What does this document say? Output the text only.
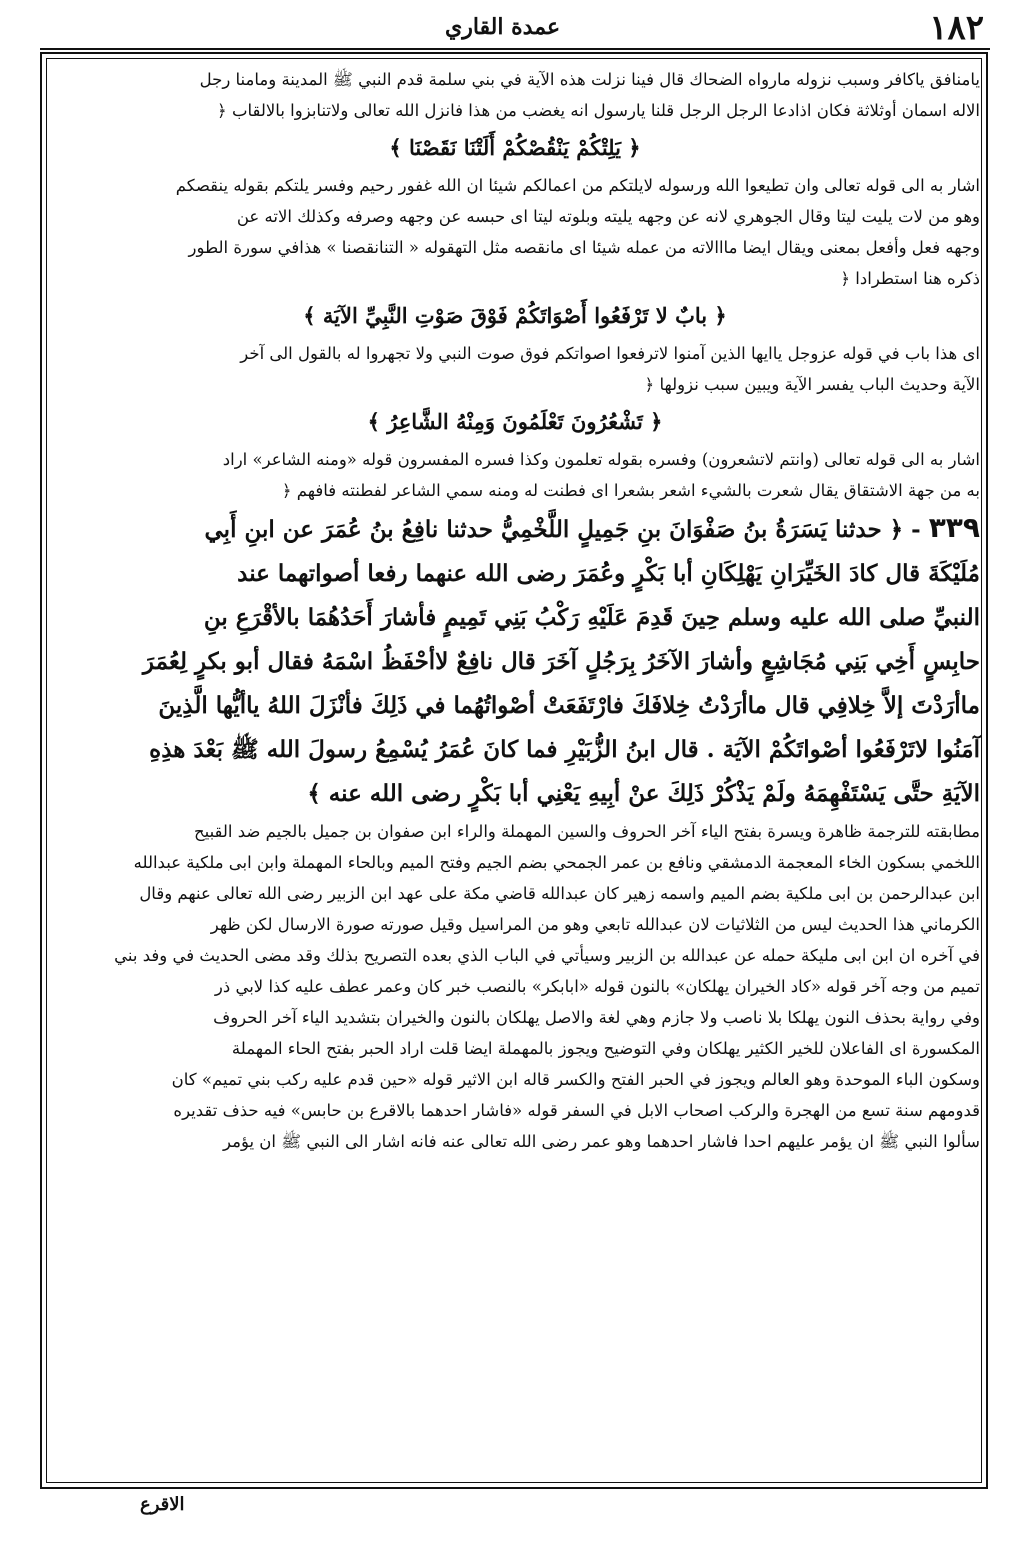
عمدة القاري	١٨٢

يامنافق ياكافر وسبب نزوله مارواه الضحاك قال فينا نزلت هذه الآية في بني سلمة قدم النبي ﷺ المدينة ومامنا رجل

الاله اسمان أوثلاثة فكان اذادعا الرجل الرجل قلنا يارسول انه يغضب من هذا فانزل الله تعالى ولاتنابزوا بالالقاب ﴿

﴿ يَلِتْكُمْ يَنْقُصْكُمْ أَلَتْنَا نَقَصْنَا ﴾

اشار به الى قوله تعالى وان تطيعوا الله ورسوله لايلتكم من اعمالكم شيئا ان الله غفور رحيم وفسر يلتكم بقوله ينقصكم

وهو من لات يليت ليتا وقال الجوهري لانه عن وجهه يليته وبلوته ليتا اى حبسه عن وجهه وصرفه وكذلك الاته عن

وجهه فعل وأفعل بمعنى ويقال ايضا مااالاته من عمله شيئا اى مانقصه مثل التهقوله « التنانقصنا » هذافي سورة الطور

ذكره هنا استطرادا ﴿

﴿ بابٌ لا تَرْفَعُوا أَصْوَاتَكُمْ فَوْقَ صَوْتِ النَّبِيِّ الآيَة ﴾

اى هذا باب في قوله عزوجل ياايها الذين آمنوا لاترفعوا اصواتكم فوق صوت النبي ولا تجهروا له بالقول الى آخر

الآية وحديث الباب يفسر الآية ويبين سبب نزولها ﴿

﴿ تَشْعُرُونَ تَعْلَمُونَ وَمِنْهُ الشَّاعِرُ ﴾

اشار به الى قوله تعالى (وانتم لاتشعرون) وفسره بقوله تعلمون وكذا فسره المفسرون قوله «ومنه الشاعر» اراد

به من جهة الاشتقاق يقال شعرت بالشيء اشعر بشعرا اى فطنت له ومنه سمي الشاعر لفطنته فافهم ﴿

٣٣٩ - ﴿ حدثنا يَسَرَةُ بنُ صَفْوَانَ بنِ جَمِيلٍ اللَّخْمِيُّ حدثنا نافِعُ بنُ عُمَرَ عن ابنِ أَبِي

مُلَيْكَةَ قال كادَ الخَيِّرَانِ يَهْلِكَانِ أبا بَكْرٍ وعُمَرَ رضى الله عنهما رفعا أصواتهما عند

النبيِّ صلى الله عليه وسلم حِينَ قَدِمَ عَلَيْهِ رَكْبُ بَنِي تَمِيمٍ فأشارَ أَحَدُهُمَا بالأقْرَعِ بنِ

حابِسٍ أَخِي بَنِي مُجَاشِعٍ وأشارَ الآخَرُ بِرَجُلٍ آخَرَ قال نافِعٌ لاأحْفَظُ اسْمَهُ فقال أبو بكرٍ لِعُمَرَ

ماأرَدْتَ إلاَّ خِلافِي قال ماأرَدْتُ خِلافَكَ فارْتَفَعَتْ أصْواتُهُما في ذَلِكَ فأنْزَلَ اللهُ ياأيُّها الَّذِينَ

آمَنُوا لاتَرْفَعُوا أصْواتَكُمْ الآيَة . قال ابنُ الزُّبَيْرِ فما كانَ عُمَرُ يُسْمِعُ رسولَ الله ﷺ بَعْدَ هذِهِ

الآيَةِ حتَّى يَسْتَفْهِمَهُ ولَمْ يَذْكُرْ ذَلِكَ عنْ أبِيهِ يَعْنِي أبا بَكْرٍ رضى الله عنه ﴾

مطابقته للترجمة ظاهرة ويسرة بفتح الياء آخر الحروف والسين المهملة والراء ابن صفوان بن جميل بالجيم ضد القبيح

اللخمي بسكون الخاء المعجمة الدمشقي ونافع بن عمر الجمحي بضم الجيم وفتح الميم وبالحاء المهملة وابن ابى ملكية عبدالله

ابن عبدالرحمن بن ابى ملكية بضم الميم واسمه زهير كان عبدالله قاضي مكة على عهد ابن الزبير رضى الله تعالى عنهم وقال

الكرماني هذا الحديث ليس من الثلاثيات لان عبدالله تابعي وهو من المراسيل وقيل صورته صورة الارسال لكن ظهر

في آخره ان ابن ابى مليكة حمله عن عبدالله بن الزبير وسيأتي في الباب الذي بعده التصريح بذلك وقد مضى الحديث في وفد بني

تميم من وجه آخر قوله «كاد الخيران يهلكان» بالنون قوله «ابابكر» بالنصب خبر كان وعمر عطف عليه كذا لابي ذر

وفي رواية بحذف النون يهلكا بلا ناصب ولا جازم وهي لغة والاصل يهلكان بالنون والخيران بتشديد الياء آخر الحروف

المكسورة اى الفاعلان للخير الكثير يهلكان وفي التوضيح ويجوز بالمهملة ايضا قلت اراد الحبر بفتح الحاء المهملة

وسكون الباء الموحدة وهو العالم ويجوز في الحبر الفتح والكسر قاله ابن الاثير قوله «حين قدم عليه ركب بني تميم» كان

قدومهم سنة تسع من الهجرة والركب اصحاب الابل في السفر قوله «فاشار احدهما بالاقرع بن حابس» فيه حذف تقديره

سألوا النبي ﷺ ان يؤمر عليهم احدا فاشار احدهما وهو عمر رضى الله تعالى عنه فانه اشار الى النبي ﷺ ان يؤمر

الاقرع
